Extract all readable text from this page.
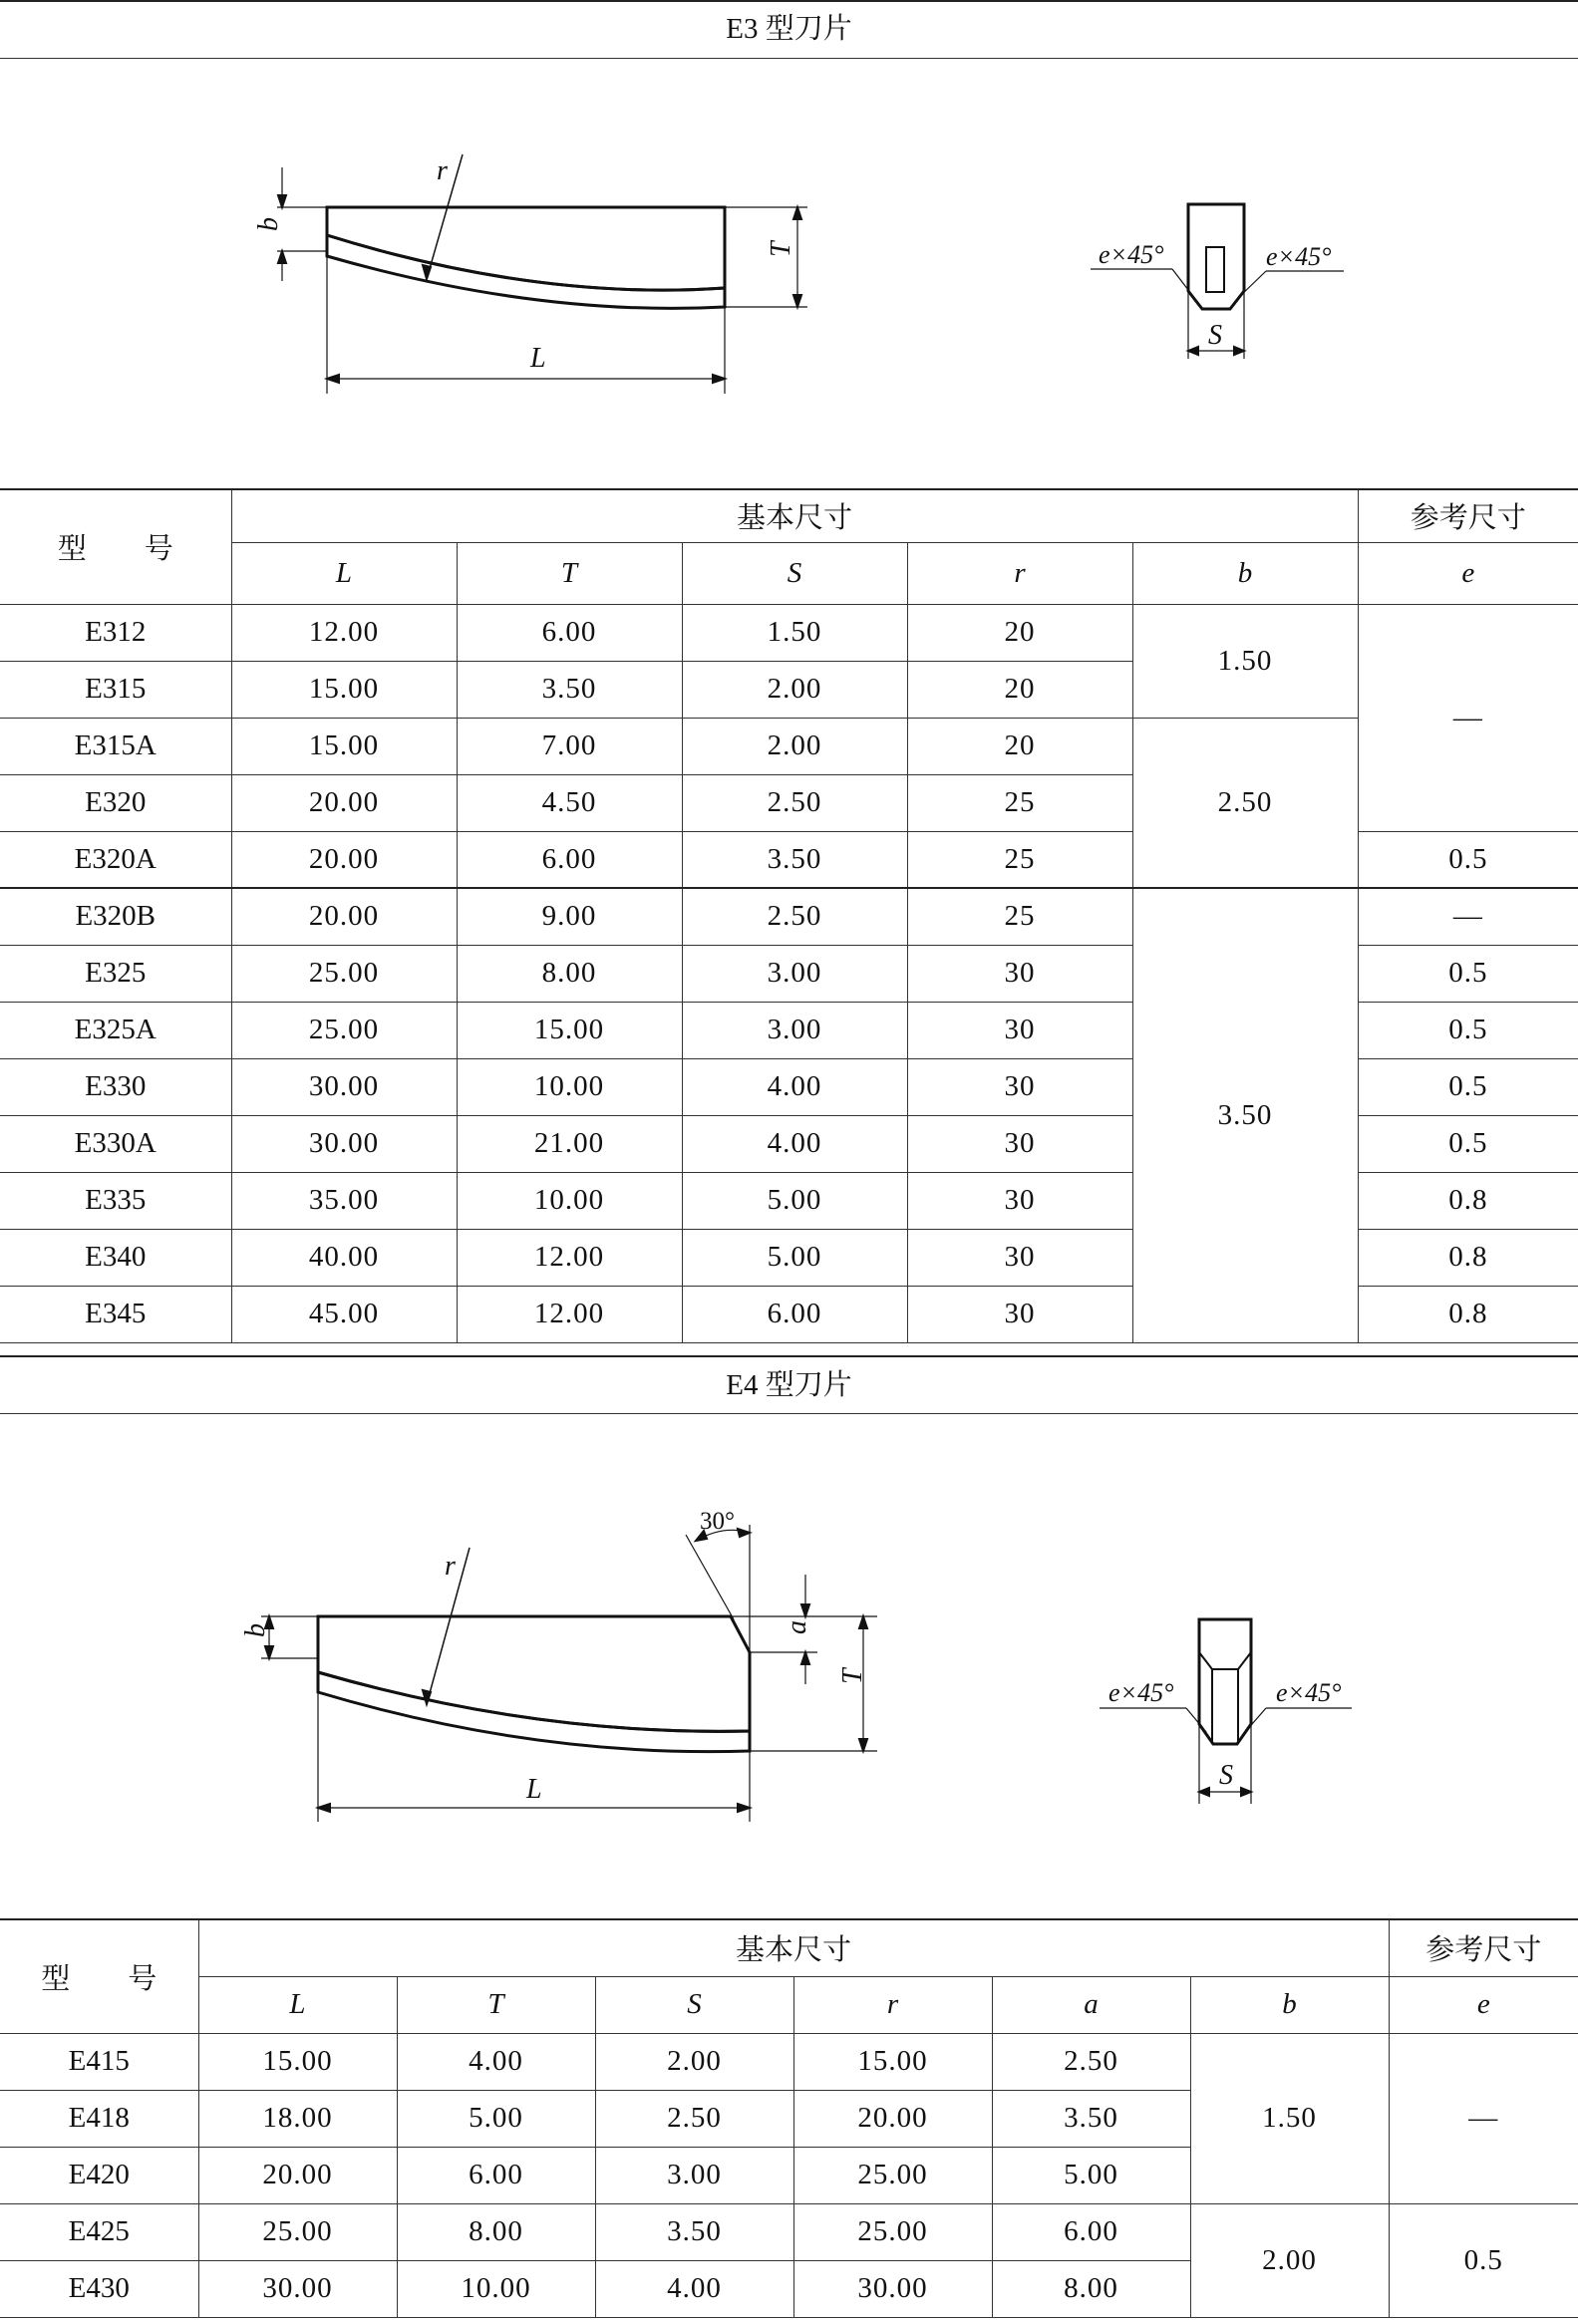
E3 型刀片
r
b
T
L
e×45°	e×45°
S
型　　号	基本尺寸					参考尺寸
	L	T	S	r	b	e
E312	12.00	6.00	1.50	20	1.50	—
E315	15.00	3.50	2.00	20		
E315A	15.00	7.00	2.00	20	2.50	
E320	20.00	4.50	2.50	25		
E320A	20.00	6.00	3.50	25		0.5
E320B	20.00	9.00	2.50	25	3.50	—
E325	25.00	8.00	3.00	30		0.5
E325A	25.00	15.00	3.00	30		0.5
E330	30.00	10.00	4.00	30		0.5
E330A	30.00	21.00	4.00	30		0.5
E335	35.00	10.00	5.00	30		0.8
E340	40.00	12.00	5.00	30		0.8
E345	45.00	12.00	6.00	30		0.8
E4 型刀片
30°
r
b	a
T
L
e×45°	e×45°
S
型　　号	基本尺寸						参考尺寸
	L	T	S	r	a	b	e
E415	15.00	4.00	2.00	15.00	2.50	1.50	—
E418	18.00	5.00	2.50	20.00	3.50		
E420	20.00	6.00	3.00	25.00	5.00		
E425	25.00	8.00	3.50	25.00	6.00	2.00	0.5
E430	30.00	10.00	4.00	30.00	8.00		
